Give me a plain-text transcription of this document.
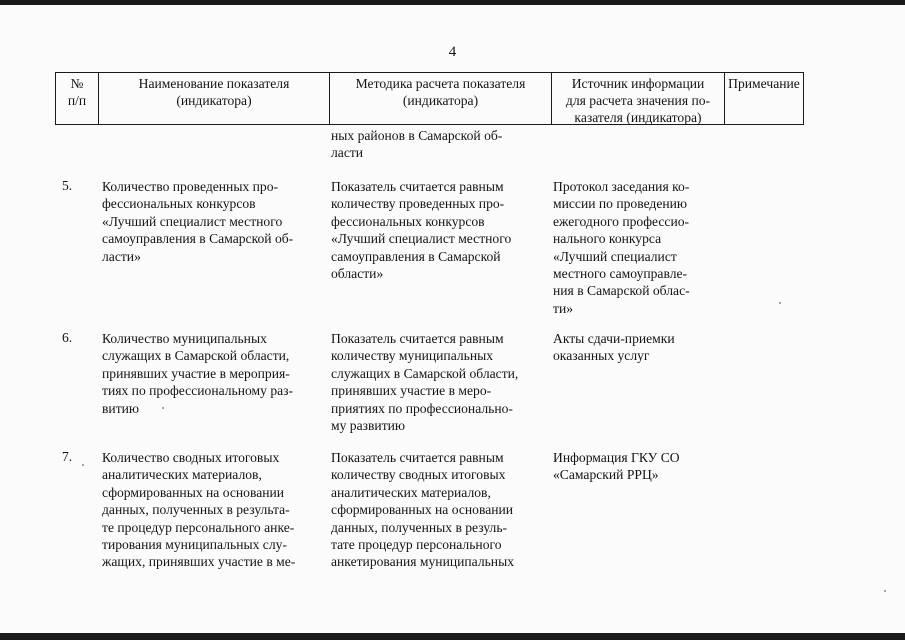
4
№
п/п
Наименование показателя
(индикатора)
Методика расчета показателя
(индикатора)
Источник информации
для расчета значения по-
казателя (индикатора)
Примечание
ных районов в Самарской об-
ласти
5. Количество проведенных про-
фессиональных конкурсов
«Лучший специалист местного
самоуправления в Самарской об-
ласти»
Показатель считается равным
количеству проведенных про-
фессиональных конкурсов
«Лучший специалист местного
самоуправления в Самарской
области»
Протокол заседания ко-
миссии по проведению
ежегодного профессио-
нального конкурса
«Лучший специалист
местного самоуправле-
ния в Самарской облас-
ти»
6. Количество муниципальных
служащих в Самарской области,
принявших участие в мероприя-
тиях по профессиональному раз-
витию
Показатель считается равным
количеству муниципальных
служащих в Самарской области,
принявших участие в меро-
приятиях по профессионально-
му развитию
Акты сдачи-приемки
оказанных услуг
7. Количество сводных итоговых
аналитических материалов,
сформированных на основании
данных, полученных в результа-
те процедур персонального анке-
тирования муниципальных слу-
жащих, принявших участие в ме-
Показатель считается равным
количеству сводных итоговых
аналитических материалов,
сформированных на основании
данных, полученных в резуль-
тате процедур персонального
анкетирования муниципальных
Информация ГКУ СО
«Самарский РРЦ»
